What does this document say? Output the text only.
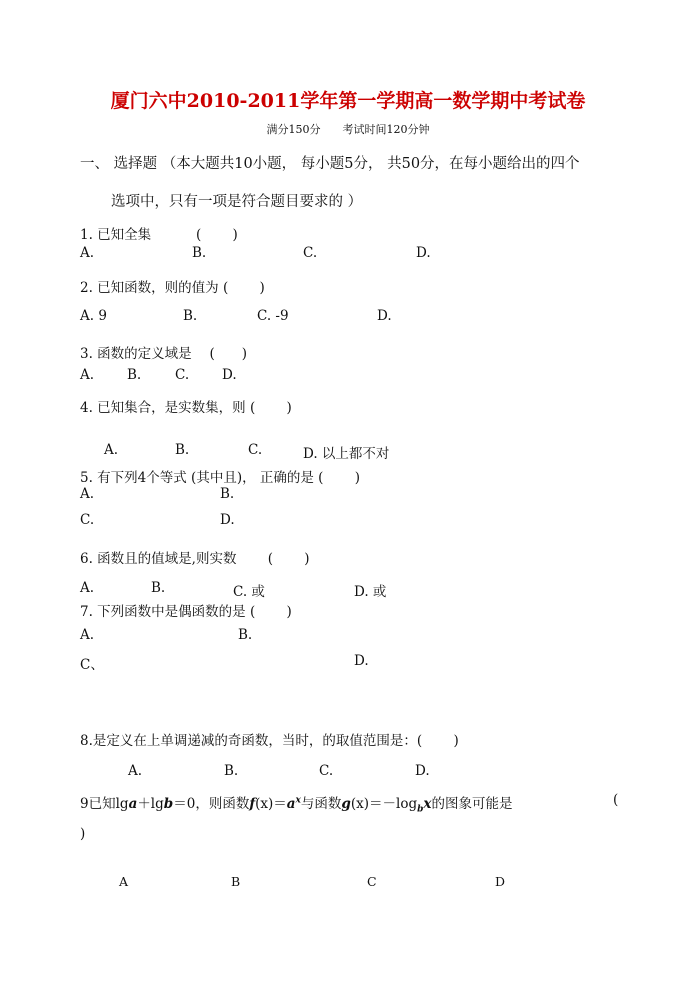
厦门六中2010-2011学年第一学期高一数学期中考试卷
满分150分　　考试时间120分钟
一、 选择题 （本大题共10小题， 每小题5分， 共50分，在每小题给出的四个
选项中，只有一项是符合题目要求的 ）
1. 已知全集　　　 (　　 )
A.	B.	C.	D.
2. 已知函数，则的值为 (　　 )
A. 9	B.	C. -9	D.
3. 函数的定义域是　 (　　)
A. B.	C. D.
4. 已知集合，是实数集，则 (　　 )
A.	B.	C.	D. 以上都不对
5. 有下列4个等式 (其中且)， 正确的是 (　　 )
A.	B.
C.	D.
6. 函数且的值域是,则实数　　 (　　 )
A.	B.	C. 或	D. 或
7. 下列函数中是偶函数的是 (　　 )
A.	B.
C、	D.
8.是定义在上单调递减的奇函数，当时，的取值范围是：(　　 )
A.	B.	C.	D.
9已知lga＋lgb＝0，则函数$f(x)=a^x$与函数$g(x)=-\log_bx$的图象可能是	(
)
A	B	C	D
